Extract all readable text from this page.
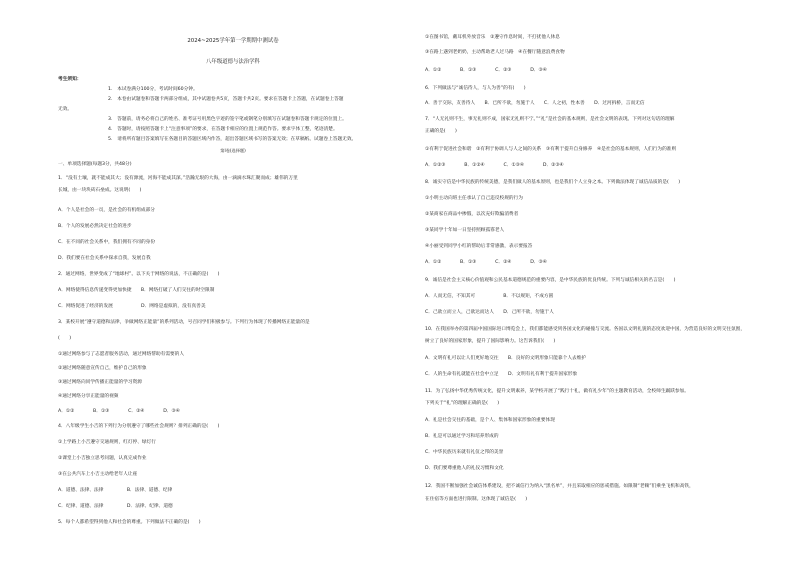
2024~2025学年第一学期期中测试卷
八年级道德与法治学科
考生须知：
1.　本试卷满分100分，考试时间60分钟。
2.　本卷由试题卷和答题卡两部分组成，其中试题卷共5页，答题卡共2页。要求在答题卡上答题，在试题卷上答题
无效。
3.　答题前，请务必将自己的姓名、准考证号用黑色字迹的签字笔或钢笔分别填写在试题卷和答题卡规定的位置上。
4.　答题时，请按照答题卡上“注意事项”的要求，在答题卡相应的位置上规范作答。要求字体工整，笔迹清楚。
5.　请将所有题目答案填写在各题目的答题区域内作答，超出答题区域书写的答案无效；在草稿纸、试题卷上答题无效。
第Ⅰ卷(选择题)
一、单项选择题(每题3分，共48分)
1．“没有土壤，就不能成其大；没有源流，河海不能成其深。”浩瀚无垠的大海，由一滴滴水珠汇聚而成；雄伟的万里
长城，由一块块砖石垒成。这说明(　　)
A．个人是社会的一员，是社会的有机组成部分
B．个人的发展必然决定社会的进步
C．在不同的社会关系中，我们拥有不同的身份
D．我们要在社会关系中探求自我，发展自我
2．通过网络，世界变成了“地球村”。以下关于网络的说法，不正确的是(　　)
A．网络使得信息传递变得更加快捷　　B．网络打破了人们交往的时空限制
C．网络促进了经济的发展　　　　　　D．网络是虚拟的，没有真善美
3．某校开展“遵守道德和法律，争做网络正能量”的系列活动，号召同学们积极参与。下列行为体现了传播网络正能量的是
(　　)
①通过网络参与了志愿者服务活动，通过网络帮助有需要的人
②通过网络随意宣传自己，维护自己的形象
③通过网络向同学传播正能量的学习资源
④通过网络分享正能量的视频
A．①②　　　　B．①③　　　　C．②④　　　　D．③④
4．八年级学生小吉的下列行为分别遵守了哪些社会规则？排列正确的是(　　)
①上学路上小吉遵守交通规则，红灯停、绿灯行
②课堂上小吉独立思考问题，认真完成作业
③在公共汽车上小吉主动给老年人让座
A．道德、法律、法律　　　　　B．法律、道德、纪律
C．纪律、道德、法律　　　　　D．法律、纪律、道德
5．每个人都希望得到他人和社会的尊重。下列做法不正确的是(　　)
①在图书馆，戴耳机外放音乐　②遵守作息时间，不打扰他人休息
③在路上遇到老奶奶，主动帮助老人过马路　④在餐厅随意浪费食物
A．①②　　　　B．①③　　　　C．②③　　　　D．③④
6．下列做法与“诚信待人，与人为善”的有(　　)
A．善于交际，友善待人　　B．已所不欲，勿施于人　　C．人之初，性本善　　D．过河拆桥，言而无信
7．“人无礼则不生，事无礼则不成，国家无礼则不宁。”“礼”是社会的基本规则，是社会文明的表现。下列对这句话的理解
正确的是(　　)
①有利于促进社会和谐　②有利于协调人与人之间的关系　③有利于提升自身修养　④是社会的基本规则，人们行为的准则
A．①②③　　　　B．①②④　　　　C．①③④　　　　D．②③④
8．诚实守信是中华民族的传统美德，是我们做人的基本原则，也是我们个人立身之本。下列做法体现了诚信品质的是(　　)
①小明主动向班主任承认了自己违反校规的行为
②某商家在商品中掺假，以次充好欺骗消费者
③某同学十年如一日坚持照顾孤寡老人
④小丽受到同学小红的帮助后非常感激，表示要报答
A．①②　　　　B．①③　　　　C．②④　　　　D．③④
9．诚信是社会主义核心价值观和公民基本道德规范的重要内容，是中华民族的优良传统。下列与诚信相关的名言是(　　)
A．人而无信，不知其可　　　　　　B．不以规矩，不成方圆
C．己欲立而立人，己欲达而达人　　D．己所不欲，勿施于人
10．在我国举办的第四届中国国际进口博览会上，我们都能感受到各国文化的碰撞与交流。各国以文明礼貌的态度欢迎中国，为营造良好的文明交往氛围，
树立了良好的国家形象，提升了国际影响力。这告诉我们(　　)
A．文明有礼可以让人们更好地交往　　B．良好的文明形象只能靠个人去维护
C．人的生命有礼就能在社会中立足　　D．文明有礼有利于提升国家形象
11．为了弘扬中华优秀传统文化，提升文明素养，某学校开展了“践行十礼，做有礼少年”的主题教育活动，全校师生踊跃参加。
下列关于“礼”的理解正确的是(　　)
A．礼是社会交往的基础，是个人、集体和国家形象的重要体现
B．礼是可以通过学习和培养形成的
C．中华民族历来就有礼仪之邦的美誉
D．我们要尊重他人的礼仪习惯和文化
12．我国不断加强社会诚信体系建设，把不诚信行为纳入“黑名单”，并且采取相应的惩戒措施。如限制“老赖”们乘坐飞机和高铁，
在住宿等方面也进行限制。这体现了诚信是(　　)
